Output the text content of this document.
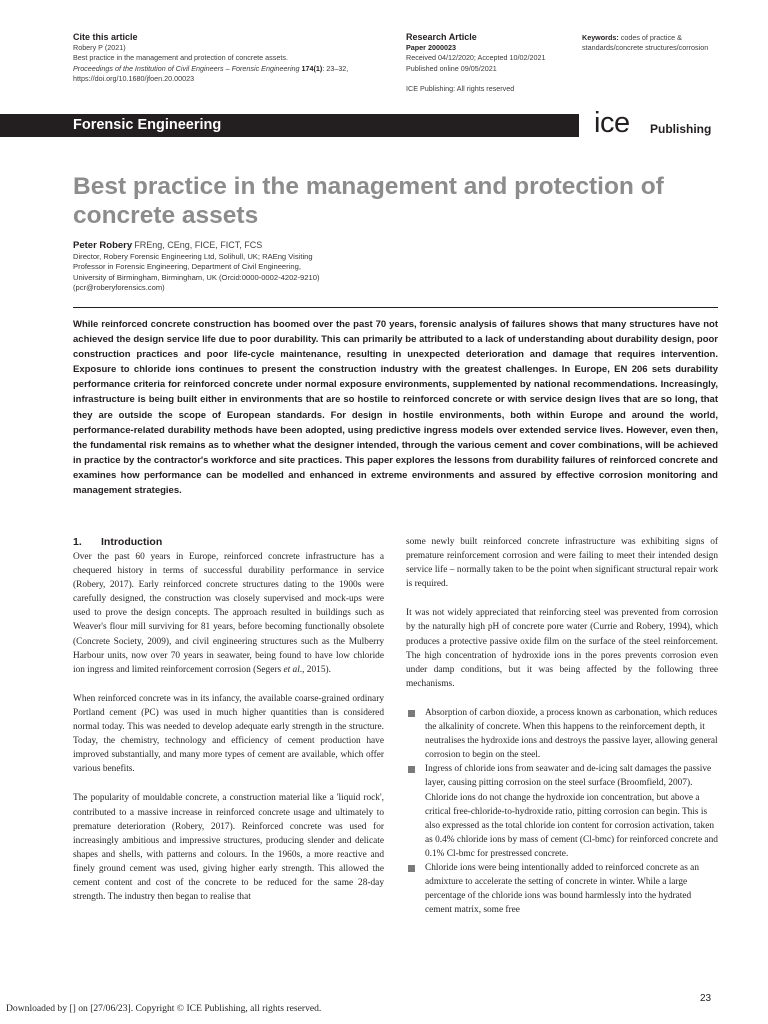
Cite this article
Robery P (2021)
Best practice in the management and protection of concrete assets.
Proceedings of the Institution of Civil Engineers – Forensic Engineering 174(1): 23–32,
https://doi.org/10.1680/jfoen.20.00023
Research Article
Paper 2000023
Received 04/12/2020; Accepted 10/02/2021
Published online 09/05/2021
ICE Publishing: All rights reserved
Keywords: codes of practice & standards/concrete structures/corrosion
Forensic Engineering	ice Publishing
Best practice in the management and protection of concrete assets
Peter Robery FREng, CEng, FICE, FICT, FCS
Director, Robery Forensic Engineering Ltd, Solihull, UK; RAEng Visiting
Professor in Forensic Engineering, Department of Civil Engineering,
University of Birmingham, Birmingham, UK (Orcid:0000-0002-4202-9210)
(pcr@roberyforensics.com)

While reinforced concrete construction has boomed over the past 70 years, forensic analysis of failures shows that many structures have not achieved the design service life due to poor durability. This can primarily be attributed to a lack of understanding about durability design, poor construction practices and poor life-cycle maintenance, resulting in unexpected deterioration and damage that requires intervention. Exposure to chloride ions continues to present the construction industry with the greatest challenges. In Europe, EN 206 sets durability performance criteria for reinforced concrete under normal exposure environments, supplemented by national recommendations. Increasingly, infrastructure is being built either in environments that are so hostile to reinforced concrete or with service design lives that are so long, that they are outside the scope of European standards. For design in hostile environments, both within Europe and around the world, performance-related durability methods have been adopted, using predictive ingress models over extended service lives. However, even then, the fundamental risk remains as to whether what the designer intended, through the various cement and cover combinations, will be achieved in practice by the contractor's workforce and site practices. This paper explores the lessons from durability failures of reinforced concrete and examines how performance can be modelled and enhanced in extreme environments and assured by effective corrosion monitoring and management strategies.

1. Introduction

Over the past 60 years in Europe, reinforced concrete infrastructure has a chequered history in terms of successful durability performance in service (Robery, 2017). Early reinforced concrete structures dating to the 1900s were carefully designed, the construction was closely supervised and mock-ups were used to prove the design concepts. The approach resulted in buildings such as Weaver's flour mill surviving for 81 years, before becoming functionally obsolete (Concrete Society, 2009), and civil engineering structures such as the Mulberry Harbour units, now over 70 years in seawater, being found to have low chloride ion ingress and limited reinforcement corrosion (Segers et al., 2015).

When reinforced concrete was in its infancy, the available coarse-grained ordinary Portland cement (PC) was used in much higher quantities than is considered normal today. This was needed to develop adequate early strength in the structure. Today, the chemistry, technology and efficiency of cement production have improved substantially, and many more types of cement are available, which offer various benefits.

The popularity of mouldable concrete, a construction material like a 'liquid rock', contributed to a massive increase in reinforced concrete usage and ultimately to premature deterioration (Robery, 2017). Reinforced concrete was used for increasingly ambitious and impressive structures, producing slender and delicate shapes and shells, with patterns and colours. In the 1960s, a more reactive and finely ground cement was used, giving higher early strength. This allowed the cement content and cost of the concrete to be reduced for the same 28-day strength. The industry then began to realise that

some newly built reinforced concrete infrastructure was exhibiting signs of premature reinforcement corrosion and were failing to meet their intended design service life – normally taken to be the point when significant structural repair work is required.

It was not widely appreciated that reinforcing steel was prevented from corrosion by the naturally high pH of concrete pore water (Currie and Robery, 1994), which produces a protective passive oxide film on the surface of the steel reinforcement. The high concentration of hydroxide ions in the pores prevents corrosion even under damp conditions, but it was being affected by the following three mechanisms.

Absorption of carbon dioxide, a process known as carbonation, which reduces the alkalinity of concrete. When this happens to the reinforcement depth, it neutralises the hydroxide ions and destroys the passive layer, allowing general corrosion to begin on the steel.
Ingress of chloride ions from seawater and de-icing salt damages the passive layer, causing pitting corrosion on the steel surface (Broomfield, 2007). Chloride ions do not change the hydroxide ion concentration, but above a critical free-chloride-to-hydroxide ratio, pitting corrosion can begin. This is also expressed as the total chloride ion content for corrosion activation, taken as 0.4% chloride ions by mass of cement (Cl-bmc) for reinforced concrete and 0.1% Cl-bmc for prestressed concrete.
Chloride ions were being intentionally added to reinforced concrete as an admixture to accelerate the setting of concrete in winter. While a large percentage of the chloride ions was bound harmlessly into the hydrated cement matrix, some free
23
Downloaded by [] on [27/06/23]. Copyright © ICE Publishing, all rights reserved.
